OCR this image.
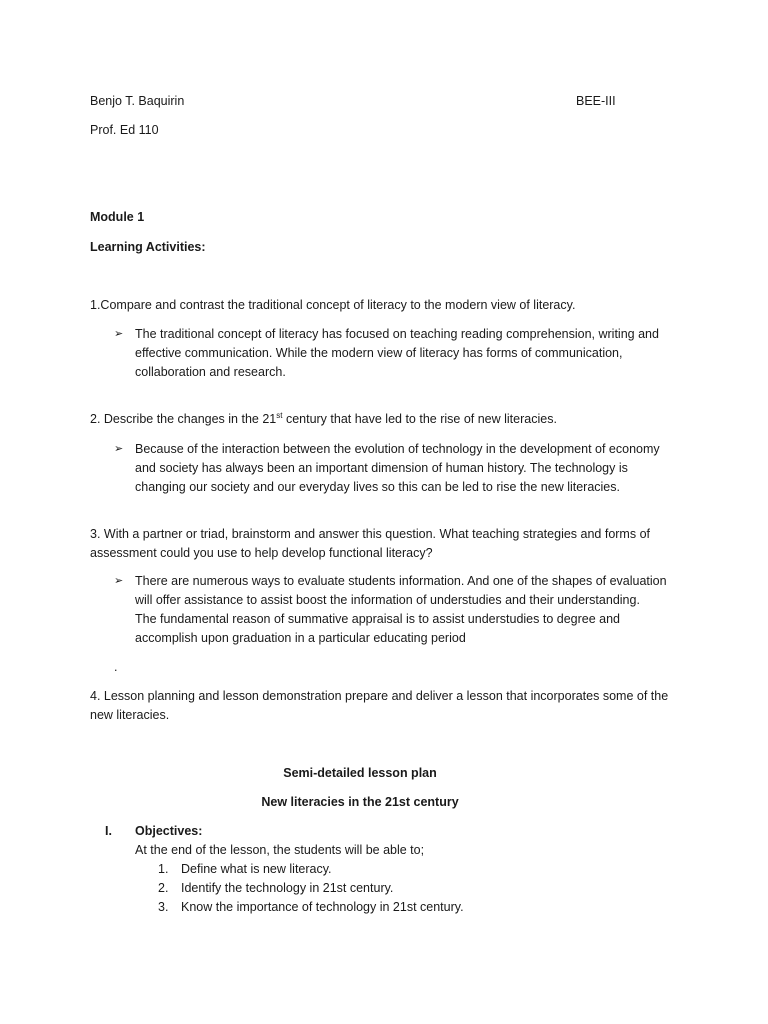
Benjo T. Baquirin	BEE-III
Prof. Ed 110
Module 1
Learning Activities:
1.Compare and contrast the traditional concept of literacy to the modern view of literacy.
➢ The traditional concept of literacy has focused on teaching reading comprehension, writing and
effective communication. While the modern view of literacy has forms of communication,
collaboration and research.
2. Describe the changes in the 21st century that have led to the rise of new literacies.
➢ Because of the interaction between the evolution of technology in the development of economy
and society has always been an important dimension of human history. The technology is
changing our society and our everyday lives so this can be led to rise the new literacies.
3. With a partner or triad, brainstorm and answer this question. What teaching strategies and forms of
assessment could you use to help develop functional literacy?
➢ There are numerous ways to evaluate students information. And one of the shapes of evaluation
will offer assistance to assist boost the information of understudies and their understanding.
The fundamental reason of summative appraisal is to assist understudies to degree and
accomplish upon graduation in a particular educating period
.
4. Lesson planning and lesson demonstration prepare and deliver a lesson that incorporates some of the
new literacies.
Semi-detailed lesson plan
New literacies in the 21st century
I. Objectives:
At the end of the lesson, the students will be able to;
1. Define what is new literacy.
2. Identify the technology in 21st century.
3. Know the importance of technology in 21st century.
